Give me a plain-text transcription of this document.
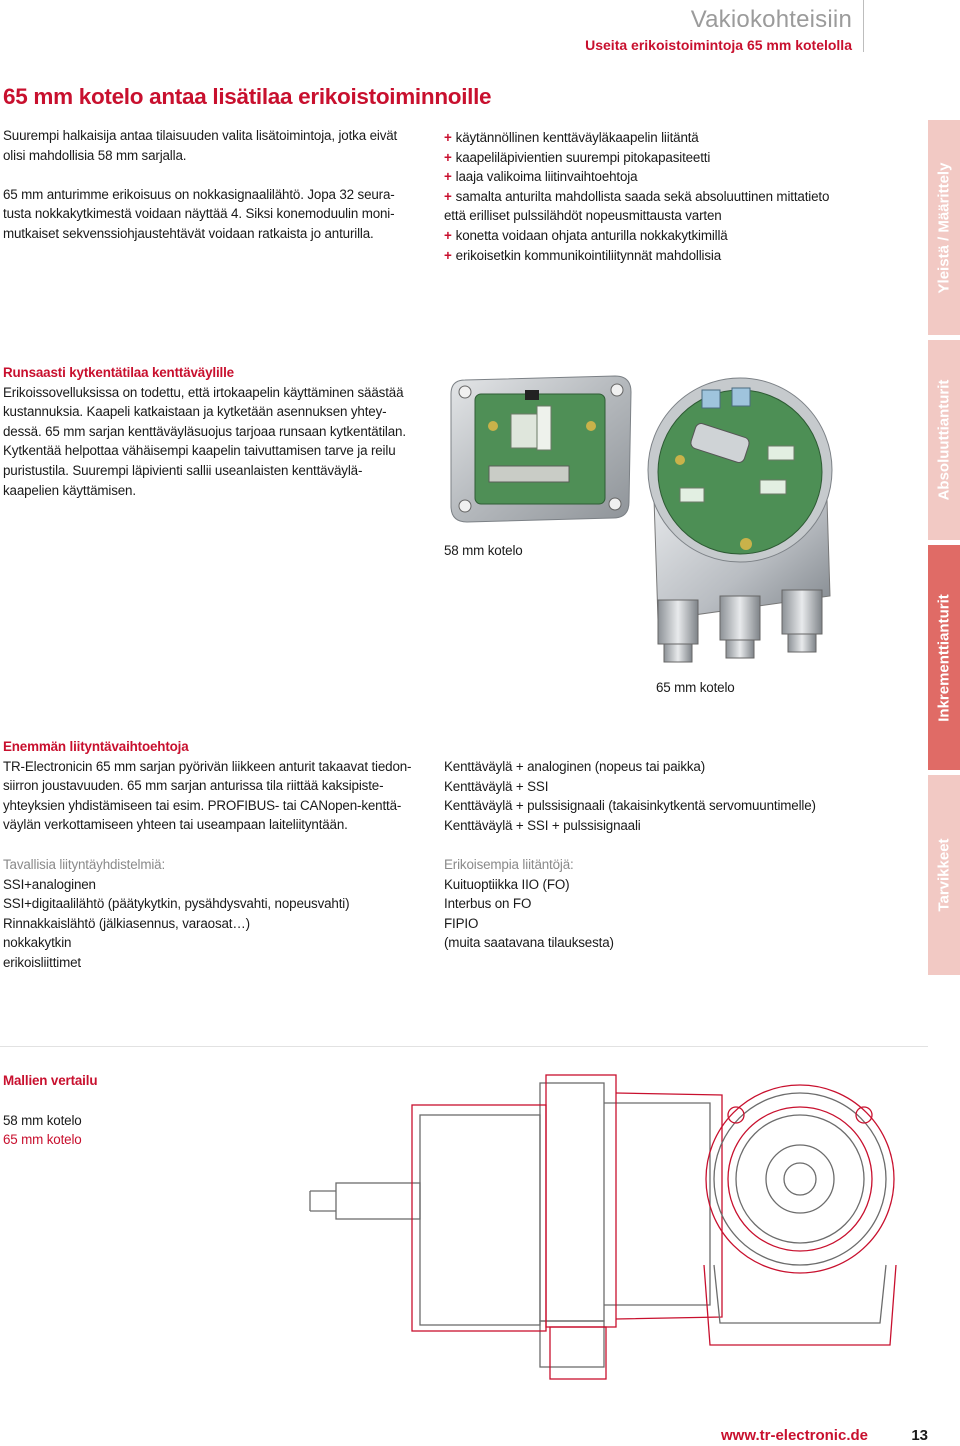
Vakiokohteisiin
Useita erikoistoimintoja 65 mm kotelolla
65 mm kotelo antaa lisätilaa erikoistoiminnoille
Suurempi halkaisija antaa tilaisuuden valita lisätoimintoja, jotka eivät
olisi mahdollisia 58 mm sarjalla.
65 mm anturimme erikoisuus on nokkasignaalilähtö. Jopa 32 seura-
tusta nokkakytkimestä voidaan näyttää 4. Siksi konemoduulin moni-
mutkaiset sekvenssiohjaustehtävät voidaan ratkaista jo anturilla.
+ käytännöllinen kenttäväyläkaapelin liitäntä
+ kaapeliläpivientien suurempi pitokapasiteetti
+ laaja valikoima liitinvaihtoehtoja
+ samalta anturilta mahdollista saada sekä absoluuttinen mittatieto
että erilliset pulssilähdöt nopeusmittausta varten
+ konetta voidaan ohjata anturilla nokkakytkimillä
+ erikoisetkin kommunikointiliitynnät mahdollisia
Runsaasti kytkentätilaa kenttäväylille
Erikoissovelluksissa on todettu, että irtokaapelin käyttäminen säästää
kustannuksia. Kaapeli katkaistaan ja kytketään asennuksen yhtey-
dessä. 65 mm sarjan kenttäväyläsuojus tarjoaa runsaan kytkentätilan.
Kytkentää helpottaa vähäisempi kaapelin taivuttamisen tarve ja reilu
puristustila. Suurempi läpivienti sallii useanlaisten kenttäväylä-
kaapelien käyttämisen.
58 mm kotelo
65 mm kotelo
Enemmän liityntävaihtoehtoja
TR-Electronicin 65 mm sarjan pyörivän liikkeen anturit takaavat tiedon-
siirron joustavuuden. 65 mm sarjan anturissa tila riittää kaksipiste-
yhteyksien yhdistämiseen tai esim. PROFIBUS- tai CANopen-kenttä-
väylän verkottamiseen yhteen tai useampaan laiteliityntään.
Kenttäväylä + analoginen (nopeus tai paikka)
Kenttäväylä + SSI
Kenttäväylä + pulssisignaali (takaisinkytkentä servomuuntimelle)
Kenttäväylä + SSI + pulssisignaali
Tavallisia liityntäyhdistelmiä:
SSI+analoginen
SSI+digitaalilähtö (päätykytkin, pysähdysvahti, nopeusvahti)
Rinnakkaislähtö (jälkiasennus, varaosat…)
nokkakytkin
erikoisliittimet
Erikoisempia liitäntöjä:
Kuituoptiikka IIO (FO)
Interbus on FO
FIPIO
(muita saatavana tilauksesta)
Mallien vertailu
58 mm kotelo
65 mm kotelo
Yleistä / Määrittely
Absoluuttianturit
Inkrementtianturit
Tarvikkeet
www.tr-electronic.de	13
